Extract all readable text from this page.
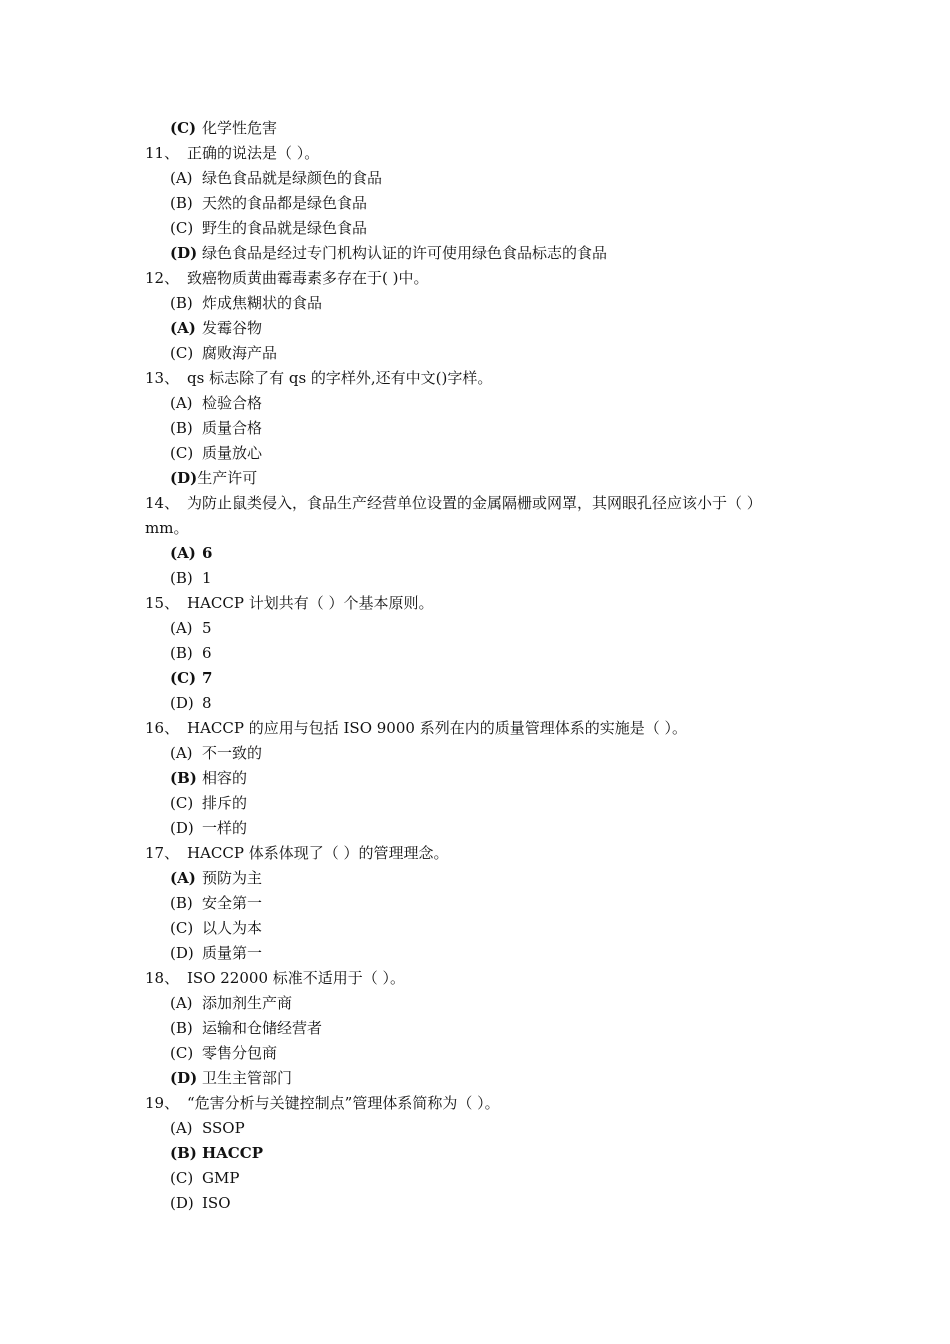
(C) 化学性危害
11、 正确的说法是（ ）。
(A) 绿色食品就是绿颜色的食品
(B) 天然的食品都是绿色食品
(C) 野生的食品就是绿色食品
(D) 绿色食品是经过专门机构认证的许可使用绿色食品标志的食品
12、 致癌物质黄曲霉毒素多存在于( )中。
(B) 炸成焦糊状的食品
(A) 发霉谷物
(C) 腐败海产品
13、 qs 标志除了有 qs 的字样外,还有中文()字样。
(A) 检验合格
(B) 质量合格
(C) 质量放心
(D)生产许可
14、 为防止鼠类侵入，食品生产经营单位设置的金属隔栅或网罩，其网眼孔径应该小于（ ）
mm。
(A) 6
(B) 1
15、 HACCP 计划共有（ ）个基本原则。
(A) 5
(B) 6
(C) 7
(D) 8
16、 HACCP 的应用与包括 ISO 9000 系列在内的质量管理体系的实施是（ ）。
(A) 不一致的
(B) 相容的
(C) 排斥的
(D) 一样的
17、 HACCP 体系体现了（ ）的管理理念。
(A) 预防为主
(B) 安全第一
(C) 以人为本
(D) 质量第一
18、 ISO 22000 标准不适用于（ ）。
(A) 添加剂生产商
(B) 运输和仓储经营者
(C) 零售分包商
(D) 卫生主管部门
19、 “危害分析与关键控制点”管理体系简称为（ ）。
(A) SSOP
(B) HACCP
(C) GMP
(D) ISO
